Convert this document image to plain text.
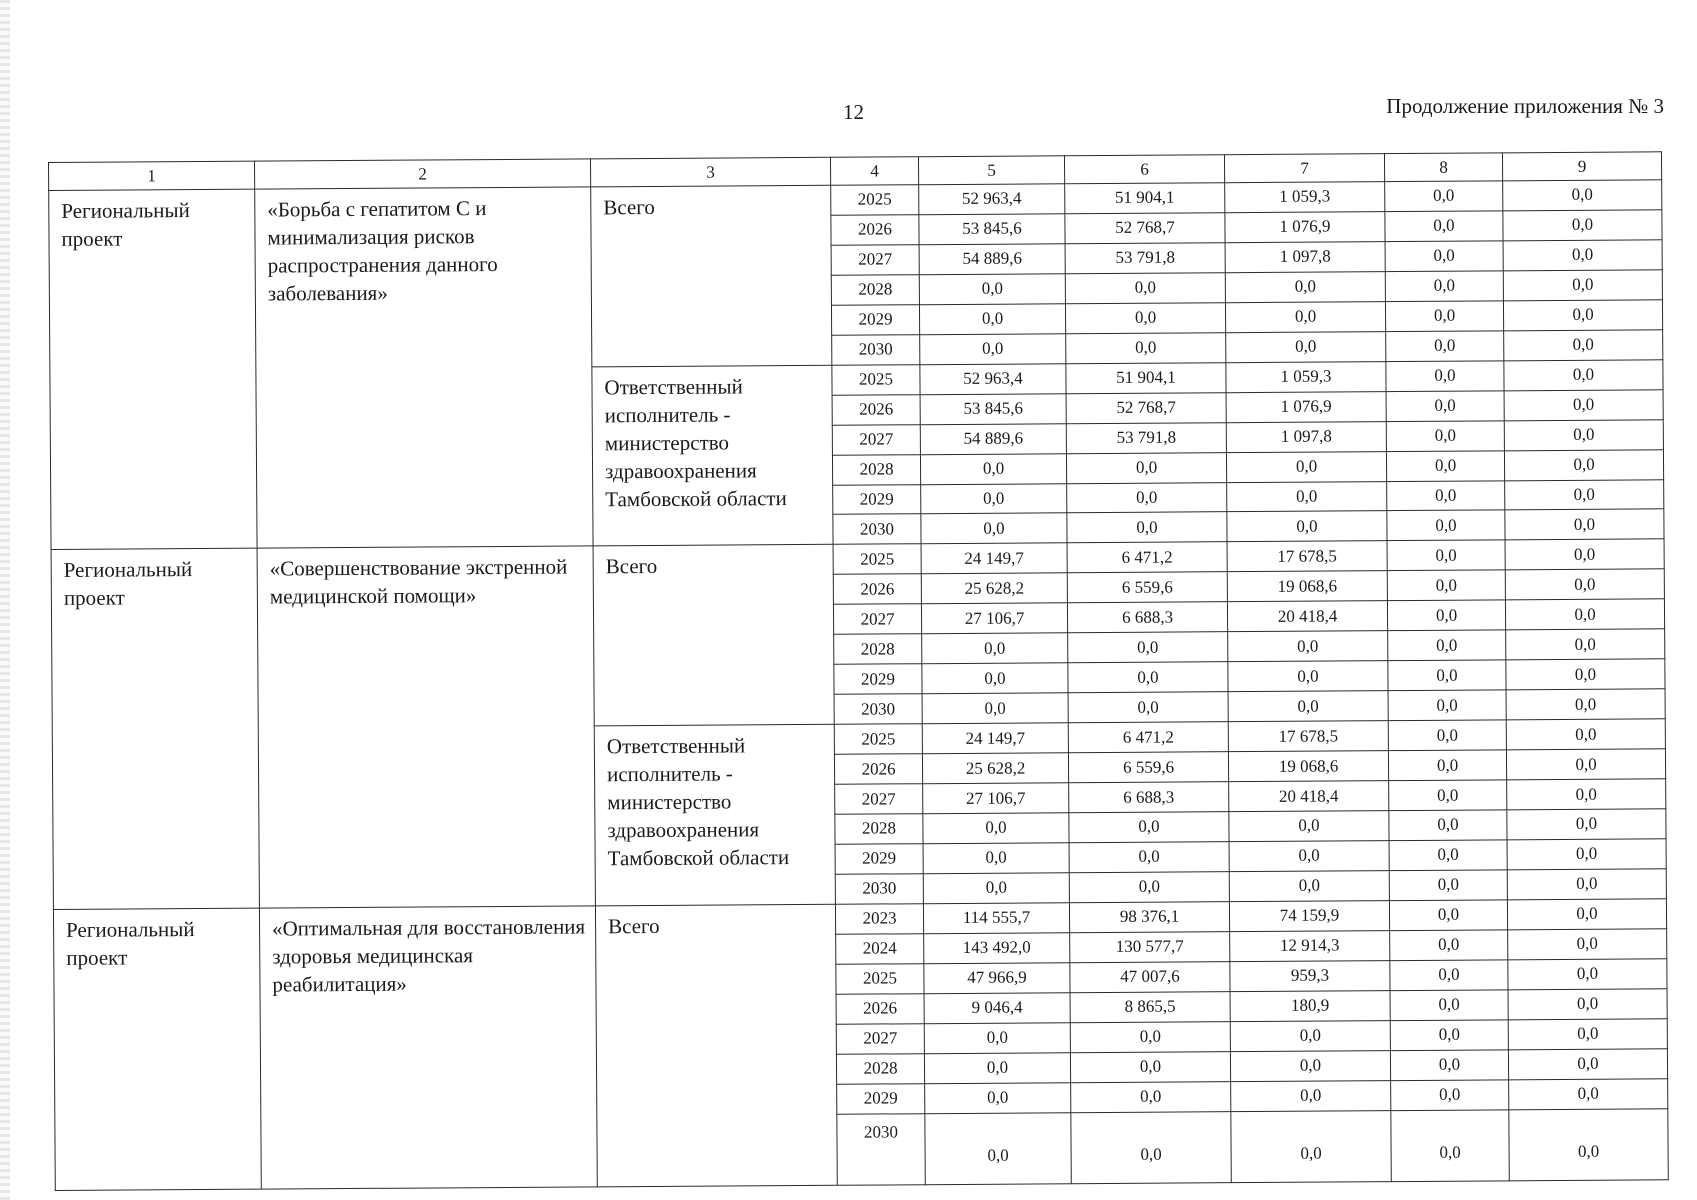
12	Продолжение приложения № 3
1	2	3	4	5	6	7	8	9
Региональный проект	«Борьба с гепатитом С и минимализация рисков распространения данного заболевания»	Всего	2025	52 963,4	51 904,1	1 059,3	0,0	0,0
			2026	53 845,6	52 768,7	1 076,9	0,0	0,0
			2027	54 889,6	53 791,8	1 097,8	0,0	0,0
			2028	0,0	0,0	0,0	0,0	0,0
			2029	0,0	0,0	0,0	0,0	0,0
			2030	0,0	0,0	0,0	0,0	0,0
		Ответственный исполнитель - министерство здравоохранения Тамбовской области	2025	52 963,4	51 904,1	1 059,3	0,0	0,0
			2026	53 845,6	52 768,7	1 076,9	0,0	0,0
			2027	54 889,6	53 791,8	1 097,8	0,0	0,0
			2028	0,0	0,0	0,0	0,0	0,0
			2029	0,0	0,0	0,0	0,0	0,0
			2030	0,0	0,0	0,0	0,0	0,0
Региональный проект	«Совершенствование экстренной медицинской помощи»	Всего	2025	24 149,7	6 471,2	17 678,5	0,0	0,0
			2026	25 628,2	6 559,6	19 068,6	0,0	0,0
			2027	27 106,7	6 688,3	20 418,4	0,0	0,0
			2028	0,0	0,0	0,0	0,0	0,0
			2029	0,0	0,0	0,0	0,0	0,0
			2030	0,0	0,0	0,0	0,0	0,0
		Ответственный исполнитель - министерство здравоохранения Тамбовской области	2025	24 149,7	6 471,2	17 678,5	0,0	0,0
			2026	25 628,2	6 559,6	19 068,6	0,0	0,0
			2027	27 106,7	6 688,3	20 418,4	0,0	0,0
			2028	0,0	0,0	0,0	0,0	0,0
			2029	0,0	0,0	0,0	0,0	0,0
			2030	0,0	0,0	0,0	0,0	0,0
Региональный проект	«Оптимальная для восстановления здоровья медицинская реабилитация»	Всего	2023	114 555,7	98 376,1	74 159,9	0,0	0,0
			2024	143 492,0	130 577,7	12 914,3	0,0	0,0
			2025	47 966,9	47 007,6	959,3	0,0	0,0
			2026	9 046,4	8 865,5	180,9	0,0	0,0
			2027	0,0	0,0	0,0	0,0	0,0
			2028	0,0	0,0	0,0	0,0	0,0
			2029	0,0	0,0	0,0	0,0	0,0
			2030	0,0	0,0	0,0	0,0	0,0
